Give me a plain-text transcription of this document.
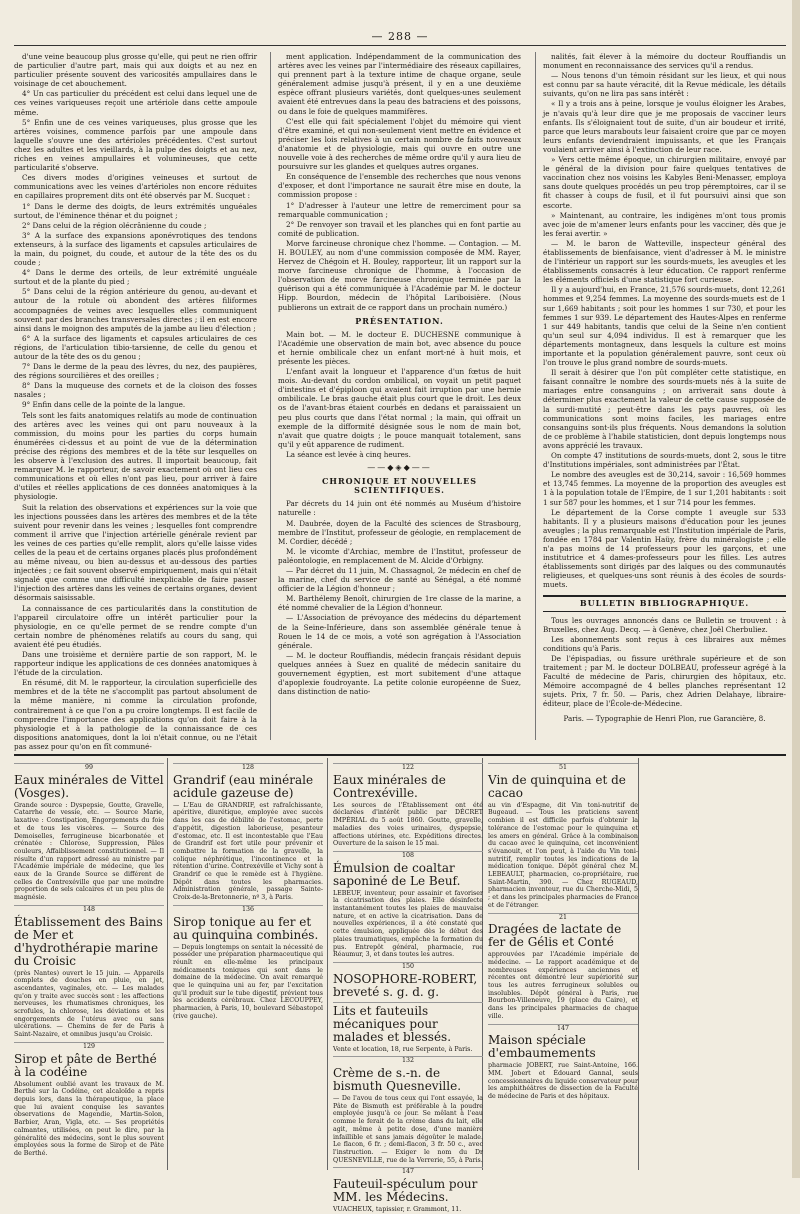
— 288 —

d'une veine beaucoup plus grosse qu'elle, qui peut ne rien offrir de particulier d'autre part, mais qui aux doigts et au nez en particulier présente souvent des varicosités ampullaires dans le voisinage de cet abouchement.

4° Un cas particulier du précédent est celui dans lequel une de ces veines variqueuses reçoit une artériole dans cette ampoule même.

5° Enfin une de ces veines variqueuses, plus grosse que les artères voisines, commence parfois par une ampoule dans laquelle s'ouvre une des artérioles précédentes. C'est surtout chez les adultes et les vieillards, à la pulpe des doigts et au nez, riches en veines ampullaires et volumineuses, que cette particularité s'observe.

Ces divers modes d'origines veineuses et surtout de communications avec les veines d'artérioles non encore réduites en capillaires proprement dits ont été observés par M. Sucquet :

1° Dans le derme des doigts, de leurs extrémités unguéales surtout, de l'éminence thénar et du poignet ;

2° Dans celui de la région olécrânienne du coude ;

3° A la surface des expansions aponévrotiques des tendons extenseurs, à la surface des ligaments et capsules articulaires de la main, du poignet, du coude, et autour de la tête des os du coude ;

4° Dans le derme des orteils, de leur extrémité unguéale surtout et de la plante du pied ;

5° Dans celui de la région antérieure du genou, au-devant et autour de la rotule où abondent des artères filiformes accompagnées de veines avec lesquelles elles communiquent souvent par des branches transversales directes ; il en est encore ainsi dans le moignon des amputés de la jambe au lieu d'élection ;

6° A la surface des ligaments et capsules articulaires de ces régions, de l'articulation tibio-tarsienne, de celle du genou et autour de la tête des os du genou ;

7° Dans le derme de la peau des lèvres, du nez, des paupières, des régions sourcilières et des oreilles ;

8° Dans la muqueuse des cornets et de la cloison des fosses nasales ;

9° Enfin dans celle de la pointe de la langue.

Tels sont les faits anatomiques relatifs au mode de continuation des artères avec les veines qui ont paru nouveaux à la commission, du moins pour les parties du corps humain énumérées ci-dessus et au point de vue de la détermination précise des régions des membres et de la tête sur lesquelles on les observe à l'exclusion des autres. Il importait beaucoup, fait remarquer M. le rapporteur, de savoir exactement où ont lieu ces communications et où elles n'ont pas lieu, pour arriver à faire d'utiles et réelles applications de ces données anatomiques à la physiologie.

Suit la relation des observations et expériences sur la voie que les injections poussées dans les artères des membres et de la tête suivent pour revenir dans les veines ; lesquelles font comprendre comment il arrive que l'injection artérielle générale revient par les veines de ces parties qu'elle remplit, alors qu'elle laisse vides celles de la peau et de certains organes placés plus profondément au même niveau, ou bien au-dessus et au-dessous des parties injectées ; ce fait souvent observé empiriquement, mais qui n'était signalé que comme une difficulté inexplicable de faire passer l'injection des artères dans les veines de certains organes, devient désormais saisissable.

La connaissance de ces particularités dans la constitution de l'appareil circulatoire offre un intérêt particulier pour la physiologie, en ce qu'elle permet de se rendre compte d'un certain nombre de phénomènes relatifs au cours du sang, qui avaient été peu étudiés.

Dans une troisième et dernière partie de son rapport, M. le rapporteur indique les applications de ces données anatomiques à l'étude de la circulation.

En résumé, dit M. le rapporteur, la circulation superficielle des membres et de la tête ne s'accomplit pas partout absolument de la même manière, ni comme la circulation profonde, contrairement à ce que l'on a pu croire longtemps. Il est facile de comprendre l'importance des applications qu'on doit faire à la physiologie et à la pathologie de la connaissance de ces dispositions anatomiques, dont la loi n'était connue, ou ne l'était pas assez pour qu'on en fît communé-

ment application. Indépendamment de la communication des artères avec les veines par l'intermédiaire des réseaux capillaires, qui prennent part à la texture intime de chaque organe, seule généralement admise jusqu'à présent, il y en a une deuxième espèce offrant plusieurs variétés, dont quelques-unes seulement avaient été entrevues dans la peau des batraciens et des poissons, ou dans le foie de quelques mammifères.

C'est elle qui fait spécialement l'objet du mémoire qui vient d'être examiné, et qui non-seulement vient mettre en évidence et préciser les lois relatives à un certain nombre de faits nouveaux d'anatomie et de physiologie, mais qui ouvre en outre une nouvelle voie à des recherches de même ordre qu'il y aura lieu de poursuivre sur les glandes et quelques autres organes.

En conséquence de l'ensemble des recherches que nous venons d'exposer, et dont l'importance ne saurait être mise en doute, la commission propose :

1° D'adresser à l'auteur une lettre de remerciment pour sa remarquable communication ;

2° De renvoyer son travail et les planches qui en font partie au comité de publication.

Morve farcineuse chronique chez l'homme. — Contagion. — M. H. BOULEY, au nom d'une commission composée de MM. Rayer, Hervez de Chégoin et H. Bouley, rapporteur, lit un rapport sur la morve farcineuse chronique de l'homme, à l'occasion de l'observation de morve farcineuse chronique terminée par la guérison qui a été communiquée à l'Académie par M. le docteur Hipp. Bourdon, médecin de l'hôpital Lariboisière. (Nous publierons un extrait de ce rapport dans un prochain numéro.)

PRÉSENTATION.

Main bot. — M. le docteur E. DUCHESNE communique à l'Académie une observation de main bot, avec absence du pouce et hernie ombilicale chez un enfant mort-né à huit mois, et présente les pièces.

L'enfant avait la longueur et l'apparence d'un fœtus de huit mois. Au-devant du cordon ombilical, on voyait un petit paquet d'intestins et d'épiploon qui avaient fait irruption par une hernie ombilicale. Le bras gauche était plus court que le droit. Les deux os de l'avant-bras étaient courbés en dedans et paraissaient un peu plus courts que dans l'état normal ; la main, qui offrait un exemple de la difformité désignée sous le nom de main bot, n'avait que quatre doigts ; le pouce manquait totalement, sans qu'il y eût apparence de rudiment.

La séance est levée à cinq heures.

——◆◈◆——
CHRONIQUE ET NOUVELLES SCIENTIFIQUES.

Par décrets du 14 juin ont été nommés au Muséum d'histoire naturelle :

M. Daubrée, doyen de la Faculté des sciences de Strasbourg, membre de l'Institut, professeur de géologie, en remplacement de M. Cordier, décédé ;

M. le vicomte d'Archiac, membre de l'Institut, professeur de paléontologie, en remplacement de M. Alcide d'Orbigny.

— Par décret du 11 juin, M. Chassagnol, 2e médecin en chef de la marine, chef du service de santé au Sénégal, a été nommé officier de la Légion d'honneur ;

M. Barthélemy Benoît, chirurgien de 1re classe de la marine, a été nommé chevalier de la Légion d'honneur.

— L'Association de prévoyance des médecins du département de la Seine-Inférieure, dans son assemblée générale tenue à Rouen le 14 de ce mois, a voté son agrégation à l'Association générale.

— M. le docteur Rouffiandis, médecin français résidant depuis quelques années à Suez en qualité de médecin sanitaire du gouvernement égyptien, est mort subitement d'une attaque d'apoplexie foudroyante. La petite colonie européenne de Suez, dans distinction de natio-

nalités, fait élever à la mémoire du docteur Rouffiandis un monument en reconnaissance des services qu'il a rendus.

— Nous tenons d'un témoin résidant sur les lieux, et qui nous est connu par sa haute véracité, dit la Revue médicale, les détails suivants, qu'on ne lira pas sans intérêt :

« Il y a trois ans à peine, lorsque je voulus éloigner les Arabes, je n'avais qu'à leur dire que je me proposais de vacciner leurs enfants. Ils s'éloignaient tout de suite, d'un air boudeur et irrité, parce que leurs marabouts leur faisaient croire que par ce moyen leurs enfants deviendraient impuissants, et que les Français voulaient arriver ainsi à l'extinction de leur race.

» Vers cette même époque, un chirurgien militaire, envoyé par le général de la division pour faire quelques tentatives de vaccination chez nos voisins les Kabyles Beni-Menasser, employa sans doute quelques procédés un peu trop péremptoires, car il se fit chasser à coups de fusil, et il fut poursuivi ainsi que son escorte.

» Maintenant, au contraire, les indigènes m'ont tous promis avec joie de m'amener leurs enfants pour les vacciner, dès que je les ferai avertir. »

— M. le baron de Watteville, inspecteur général des établissements de bienfaisance, vient d'adresser à M. le ministre de l'intérieur un rapport sur les sourds-muets, les aveugles et les établissements consacrés à leur éducation. Ce rapport renferme les éléments officiels d'une statistique fort curieuse.

Il y a aujourd'hui, en France, 21,576 sourds-muets, dont 12,261 hommes et 9,254 femmes. La moyenne des sourds-muets est de 1 sur 1,669 habitants ; soit pour les hommes 1 sur 730, et pour les femmes 1 sur 939. Le département des Hautes-Alpes en renferme 1 sur 449 habitants, tandis que celui de la Seine n'en contient qu'un seul sur 4,094 individus. Il est à remarquer que les départements montagneux, dans lesquels la culture est moins importante et la population généralement pauvre, sont ceux où l'on trouve le plus grand nombre de sourds-muets.

Il serait à désirer que l'on pût compléter cette statistique, en faisant connaître le nombre des sourds-muets nés à la suite de mariages entre consanguins ; on arriverait sans doute à déterminer plus exactement la valeur de cette cause supposée de la surdi-mutité ; peut-être dans les pays pauvres, où les communications sont moins faciles, les mariages entre consanguins sont-ils plus fréquents. Nous demandons la solution de ce problème à l'habile statisticien, dont depuis longtemps nous avons apprécié les travaux.

On compte 47 institutions de sourds-muets, dont 2, sous le titre d'Institutions impériales, sont administrées par l'État.

Le nombre des aveugles est de 30,214, savoir : 16,569 hommes et 13,745 femmes. La moyenne de la proportion des aveugles est 1 à la population totale de l'Empire, de 1 sur 1,201 habitants : soit 1 sur 587 pour les hommes, et 1 sur 714 pour les femmes.

Le département de la Corse compte 1 aveugle sur 533 habitants. Il y a plusieurs maisons d'éducation pour les jeunes aveugles ; la plus remarquable est l'Institution impériale de Paris, fondée en 1784 par Valentin Haüy, frère du minéralogiste ; elle n'a pas moins de 14 professeurs pour les garçons, et une institutrice et 4 dames-professeurs pour les filles. Les autres établissements sont dirigés par des laïques ou des communautés religieuses, et quelques-uns sont réunis à des écoles de sourds-muets.

BULLETIN BIBLIOGRAPHIQUE.

Tous les ouvrages annoncés dans ce Bulletin se trouvent : à Bruxelles, chez Aug. Decq. — à Genève, chez Joël Cherbuliez.

Les abonnements sont reçus à ces libraires aux mêmes conditions qu'à Paris.

De l'épispadias, ou fissure uréthrale supérieure et de son traitement ; par M. le docteur DOLBEAU, professeur agrégé à la Faculté de médecine de Paris, chirurgien des hôpitaux, etc. Mémoire accompagné de 4 belles planches représentant 12 sujets. Prix, 7 fr. 50. — Paris, chez Adrien Delahaye, libraire-éditeur, place de l'École-de-Médecine.

Paris. — Typographie de Henri Plon, rue Garancière, 8.
99
Eaux minérales de Vittel (Vosges).
Grande source : Dyspepsie, Goutte, Gravelle, Catarrhe de vessie, etc. — Source Marie, laxative : Constipation, Engorgements du foie et de tous les viscères. — Source des Demoiselles, ferrugineuse bicarbonatée et crénatée : Chlorose, Suppression, Pâles couleurs, Affaiblissement constitutionnel. — Il résulte d'un rapport adressé au ministre par l'Académie impériale de médecine, que les eaux de la Grande Source se différent de celles de Contrexéville que par une moindre proportion de sels calcaires et un peu plus de magnésie.
148
Établissement des Bains de Mer et d'hydrothérapie marine du Croisic
(près Nantes) ouvert le 15 juin. — Appareils complets de douches en pluie, en jet, ascendantes, vaginales, etc. — Les malades qu'on y traite avec succès sont : les affections nerveuses, les rhumatismes chroniques, les scrofules, la chlorose, les déviations et les engorgements de l'utérus avec ou sans ulcérations. — Chemins de fer de Paris à Saint-Nazaire, et omnibus jusqu'au Croisic.
129
Sirop et pâte de Berthé à la codéine
Absolument oublié avant les travaux de M. Berthé sur la Codéine, cet alcaloïde a repris depuis lors, dans la thérapeutique, la place que lui avaient conquise les savantes observations de Magendie, Martin-Solon, Barbier, Aran, Vigla, etc. — Ses propriétés calmantes, utilisées, on peut le dire, par la généralité des médecins, sont le plus souvent employées sous la forme de Sirop et de Pâte de Berthé.
128
Grandrif (eau minérale acidule gazeuse de)
— L'Eau de GRANDRIF, est rafraîchissante, apéritive, diurétique, employée avec succès dans les cas de débilité de l'estomac, perte d'appétit, digestion laborieuse, pesanteur d'estomac, etc. Il est incontestable que l'Eau de Grandrif est fort utile pour prévenir et combattre la formation de la gravelle, la colique néphrétique, l'incontinence et la rétention d'urine. Contrexéville et Vichy sont à Grandrif ce que le remède est à l'hygiène. Dépôt dans toutes les pharmacies. Administration générale, passage Sainte-Croix-de-la-Bretonnerie, nº 3, à Paris.
136
Sirop tonique au fer et au quinquina combinés.
— Depuis longtemps on sentait la nécessité de posséder une préparation pharmaceutique qui réunît en elle-même les principaux médicaments toniques qui sont dans le domaine de la médecine. On avait remarqué que le quinquina uni au fer, par l'excitation qu'il produit sur le tube digestif, prévient tous les accidents cérébraux. Chez LECOUPPEY, pharmacien, à Paris, 10, boulevard Sébastopol (rive gauche).
122
Eaux minérales de Contrexéville.
Les sources de l'Établissement ont été déclarées d'intérêt public par DÉCRET IMPÉRIAL du 5 août 1860. Goutte, gravelle, maladies des voies urinaires, dyspepsie, affections utérines, etc. Expéditions directes. Ouverture de la saison le 15 mai.
108
Émulsion de coaltar saponiné de Le Beuf.
LEBEUF, inventeur, pour assainir et favoriser la cicatrisation des plaies. Elle désinfecte instantanément toutes les plaies de mauvaise nature, et en active la cicatrisation. Dans de nouvelles expériences, il a été constaté que cette émulsion, appliquée dès le début des plaies traumatiques, empêche la formation du pus. Entrepôt général, pharmacie, rue Réaumur, 3, et dans toutes les autres.
150
NOSOPHORE-ROBERT, breveté s. g. d. g.
Lits et fauteuils mécaniques pour malades et blessés.
Vente et location, 18, rue Serpente, à Paris.
132
Crème de s.-n. de bismuth Quesneville.
— De l'avou de tous ceux qui l'ont essayée, la Pâte de Bismuth est préférable à la poudre employée jusqu'à ce jour. Se mêlant à l'eau comme le ferait de la crème dans du lait, elle agit, même à petite dose, d'une manière infaillible et sans jamais dégoûter le malade. Le flacon, 6 fr. ; demi-flacon, 3 fr. 50 c., avec l'instruction. — Exiger le nom du Dr QUESNEVILLE, rue de la Verrerie, 55, à Paris.
147
Fauteuil-spéculum pour MM. les Médecins.
VUACHEUX, tapissier, r. Grammont, 11.
51
Vin de quinquina et de cacao
au vin d'Espagne, dit Vin toni-nutritif de Bugeaud. — Tous les praticiens savent combien il est difficile parfois d'obtenir la tolérance de l'estomac pour le quinquina et les amers en général. Grâce à la combinaison du cacao avec le quinquina, cet inconvénient s'évanouit, et l'on peut, à l'aide du Vin toni-nutritif, remplir toutes les indications de la médication tonique. Dépôt général chez M. LEBEAULT, pharmacien, co-propriétaire, rue Saint-Martin, 390. — Chez RUGEAUD, pharmacien inventeur, rue du Cherche-Midi, 5 ; et dans les principales pharmacies de France et de l'étranger.
21
Dragées de lactate de fer de Gélis et Conté
approuvées par l'Académie impériale de médecine. — Le rapport académique et de nombreuses expériences anciennes et récentes ont démontré leur supériorité sur tous les autres ferrugineux solubles ou insolubles. Dépôt général à Paris, rue Bourbon-Villeneuve, 19 (place du Caire), et dans les principales pharmacies de chaque ville.
147
Maison spéciale d'embaumements
pharmacie JOBERT, rue Saint-Antoine, 166. MM. Jobert et Édouard Gannal, seuls concessionnaires du liquide conservateur pour les amphithéâtres de dissection de la Faculté de médecine de Paris et des hôpitaux.
